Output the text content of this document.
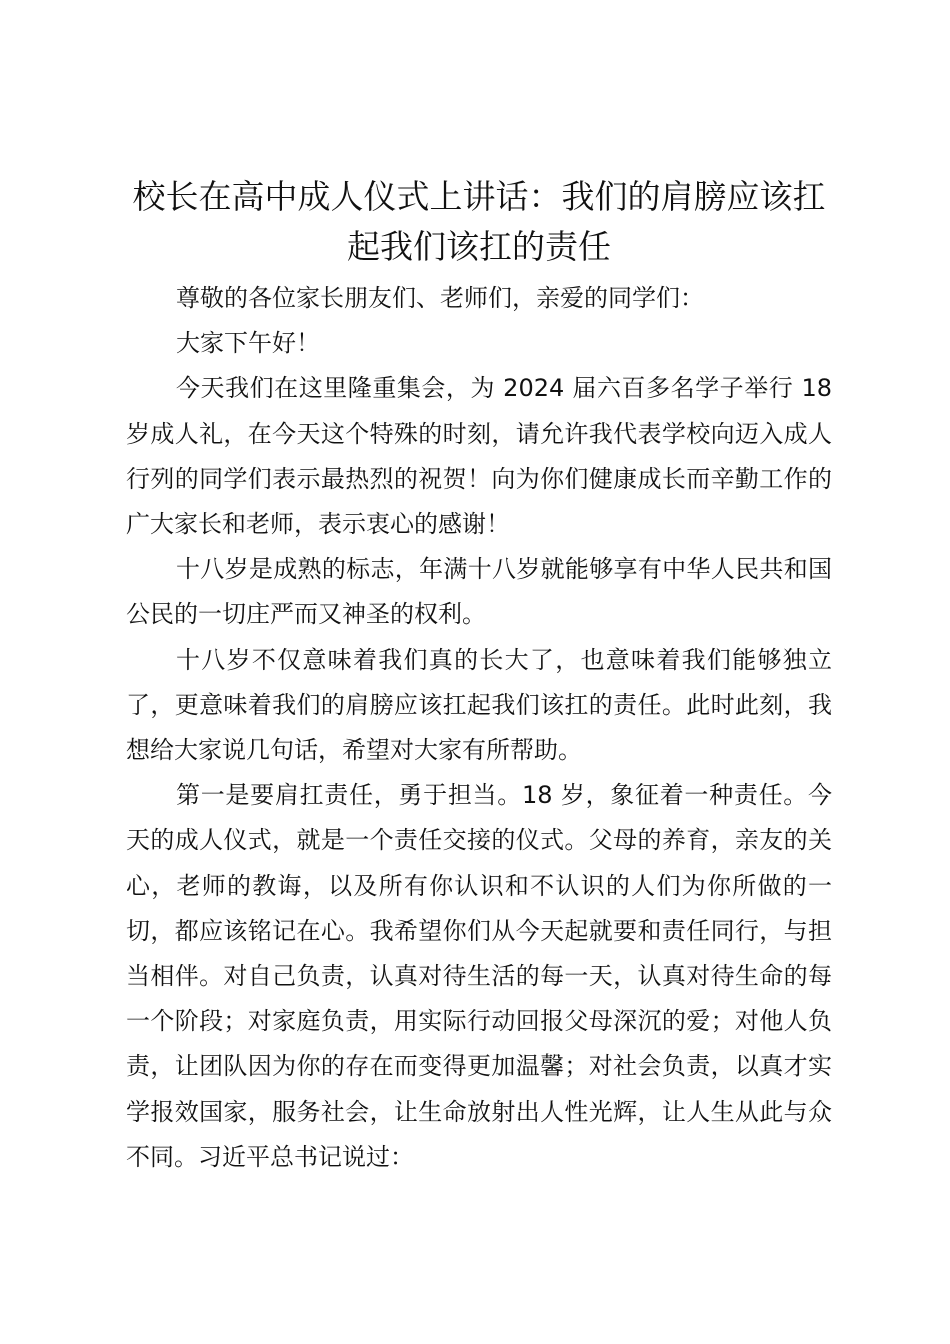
校长在高中成人仪式上讲话：我们的肩膀应该扛起我们该扛的责任

尊敬的各位家长朋友们、老师们，亲爱的同学们：

大家下午好！

今天我们在这里隆重集会，为 2024 届六百多名学子举行 18 岁成人礼，在今天这个特殊的时刻，请允许我代表学校向迈入成人行列的同学们表示最热烈的祝贺！向为你们健康成长而辛勤工作的广大家长和老师，表示衷心的感谢！

十八岁是成熟的标志，年满十八岁就能够享有中华人民共和国公民的一切庄严而又神圣的权利。

十八岁不仅意味着我们真的长大了，也意味着我们能够独立了，更意味着我们的肩膀应该扛起我们该扛的责任。此时此刻，我想给大家说几句话，希望对大家有所帮助。

第一是要肩扛责任，勇于担当。18 岁，象征着一种责任。今天的成人仪式，就是一个责任交接的仪式。父母的养育，亲友的关心，老师的教诲，以及所有你认识和不认识的人们为你所做的一切，都应该铭记在心。我希望你们从今天起就要和责任同行，与担当相伴。对自己负责，认真对待生活的每一天，认真对待生命的每一个阶段；对家庭负责，用实际行动回报父母深沉的爱；对他人负责，让团队因为你的存在而变得更加温馨；对社会负责，以真才实学报效国家，服务社会，让生命放射出人性光辉，让人生从此与众不同。习近平总书记说过：
